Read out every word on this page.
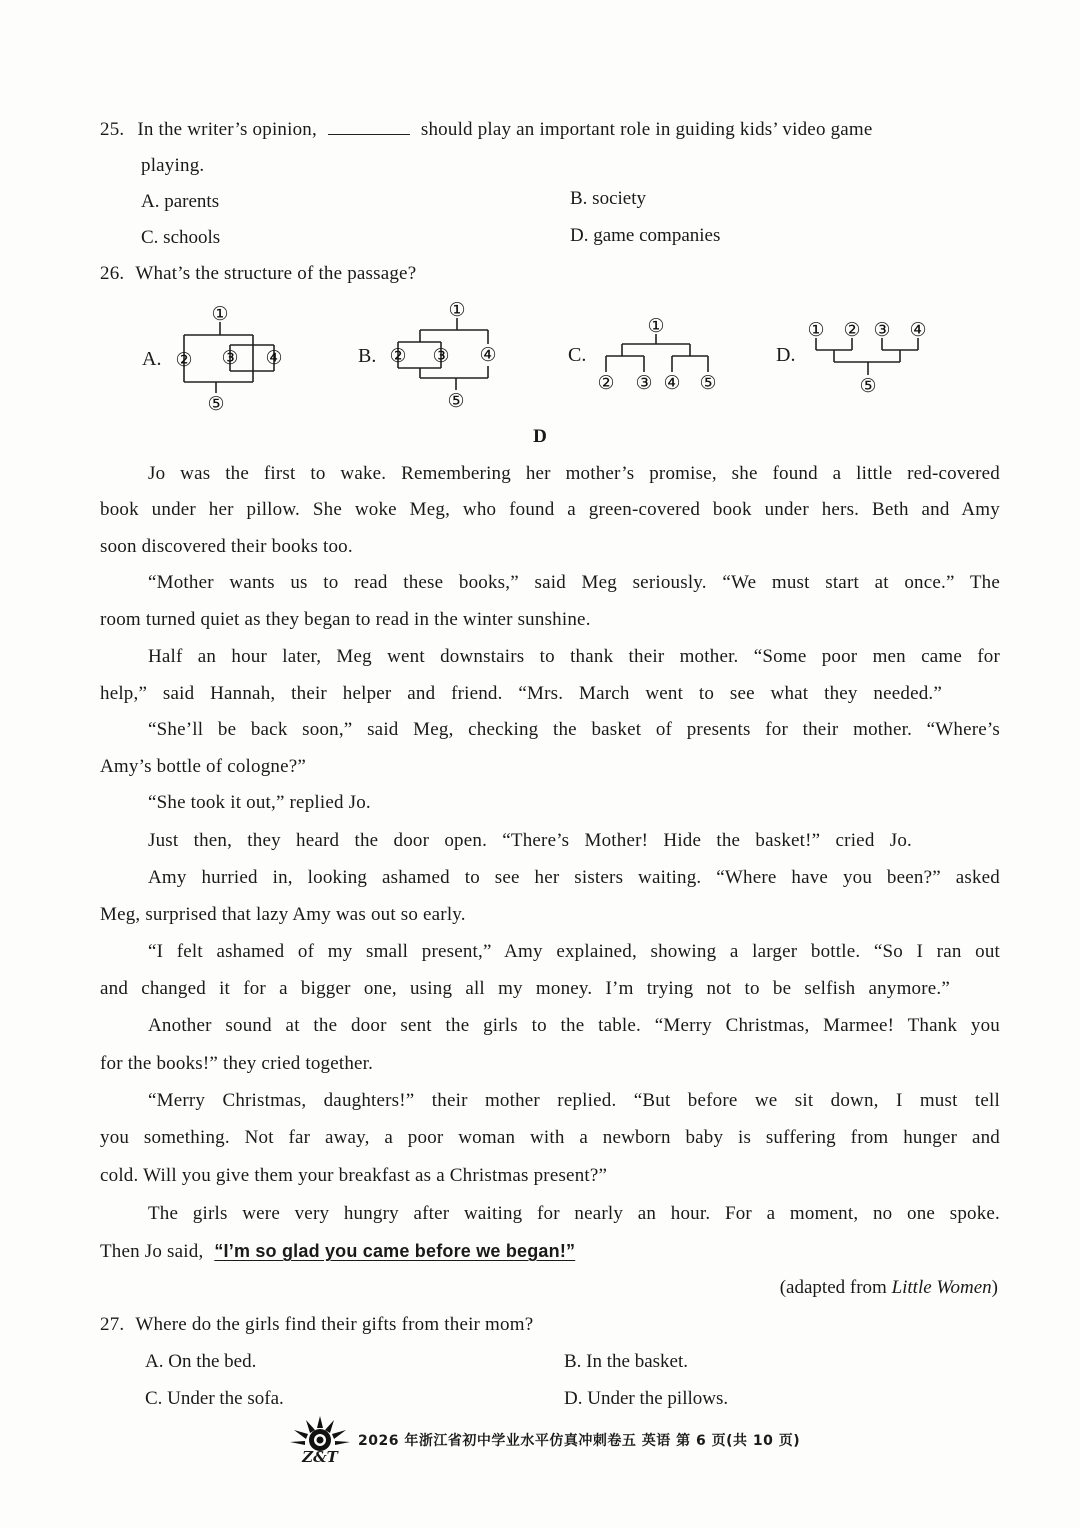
25. In the writer’s opinion,	should play an important role in guiding kids’ video game
playing.
A. parents	B. society
C. schools	D. game companies
26. What’s the structure of the passage?
A.	B.	C.	D.
①
② ③ ④
⑤
①
② ③ ④
⑤
①
② ③ ④ ⑤
① ② ③ ④
⑤
D
Jo was the first to wake. Remembering her mother’s promise, she found a little red-covered
book under her pillow. She woke Meg, who found a green-covered book under hers. Beth and Amy
soon discovered their books too.
“Mother wants us to read these books,” said Meg seriously. “We must start at once.” The
room turned quiet as they began to read in the winter sunshine.
Half an hour later, Meg went downstairs to thank their mother. “Some poor men came for
help,” said Hannah, their helper and friend. “Mrs. March went to see what they needed.”
“She’ll be back soon,” said Meg, checking the basket of presents for their mother. “Where’s
Amy’s bottle of cologne?”
“She took it out,” replied Jo.
Just then, they heard the door open. “There’s Mother! Hide the basket!” cried Jo.
Amy hurried in, looking ashamed to see her sisters waiting. “Where have you been?” asked
Meg, surprised that lazy Amy was out so early.
“I felt ashamed of my small present,” Amy explained, showing a larger bottle. “So I ran out
and changed it for a bigger one, using all my money. I’m trying not to be selfish anymore.”
Another sound at the door sent the girls to the table. “Merry Christmas, Marmee! Thank you
for the books!” they cried together.
“Merry Christmas, daughters!” their mother replied. “But before we sit down, I must tell
you something. Not far away, a poor woman with a newborn baby is suffering from hunger and
cold. Will you give them your breakfast as a Christmas present?”
The girls were very hungry after waiting for nearly an hour. For a moment, no one spoke.
Then Jo said, “I’m so glad you came before we began!”
(adapted from Little Women)
27. Where do the girls find their gifts from their mom?
A. On the bed.	B. In the basket.
C. Under the sofa.	D. Under the pillows.
Z&T
2026 年浙江省初中学业水平仿真冲刺卷五 英语 第 6 页(共 10 页)
